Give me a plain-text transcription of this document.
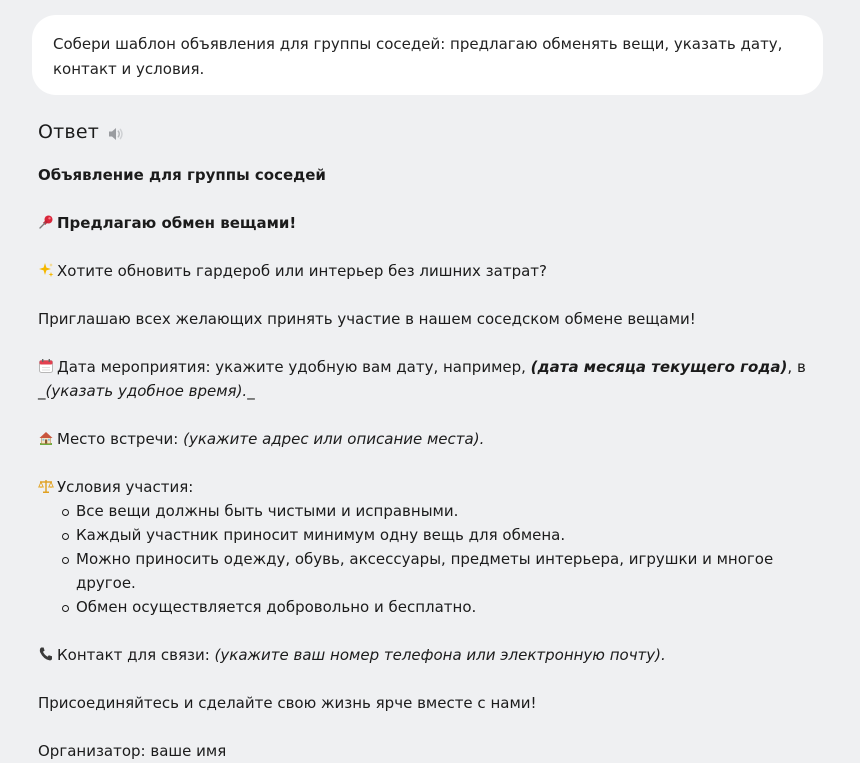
Собери шаблон объявления для группы соседей: предлагаю обменять вещи, указать дату, контакт и условия.
Ответ

Объявление для группы соседей

Предлагаю обмен вещами!

Хотите обновить гардероб или интерьер без лишних затрат?

Приглашаю всех желающих принять участие в нашем соседском обмене вещами!

Дата мероприятия: укажите удобную вам дату, например, (дата месяца текущего года), в
_(указать удобное время)._

Место встречи: (укажите адрес или описание места).

Условия участия:

Все вещи должны быть чистыми и исправными.
Каждый участник приносит минимум одну вещь для обмена.
Можно приносить одежду, обувь, аксессуары, предметы интерьера, игрушки и многое другое.
Обмен осуществляется добровольно и бесплатно.

Контакт для связи: (укажите ваш номер телефона или электронную почту).

Присоединяйтесь и сделайте свою жизнь ярче вместе с нами!

Организатор: ваше имя
